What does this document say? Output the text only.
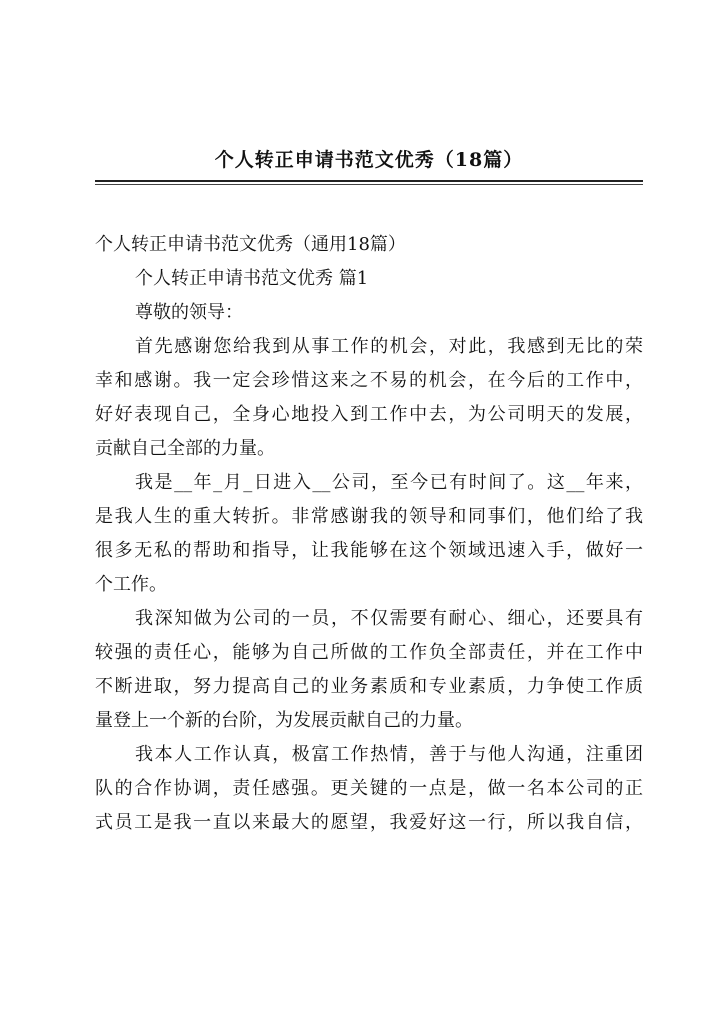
个人转正申请书范文优秀（18篇）
个人转正申请书范文优秀（通用18篇）
个人转正申请书范文优秀 篇1
尊敬的领导：
首先感谢您给我到从事工作的机会，对此，我感到无比的荣
幸和感谢。我一定会珍惜这来之不易的机会，在今后的工作中，
好好表现自己，全身心地投入到工作中去，为公司明天的发展，
贡献自己全部的力量。
我是__年_月_日进入__公司，至今已有时间了。这__年来，
是我人生的重大转折。非常感谢我的领导和同事们，他们给了我
很多无私的帮助和指导，让我能够在这个领域迅速入手，做好一
个工作。
我深知做为公司的一员，不仅需要有耐心、细心，还要具有
较强的责任心，能够为自己所做的工作负全部责任，并在工作中
不断进取，努力提高自己的业务素质和专业素质，力争使工作质
量登上一个新的台阶，为发展贡献自己的力量。
我本人工作认真，极富工作热情，善于与他人沟通，注重团
队的合作协调，责任感强。更关键的一点是，做一名本公司的正
式员工是我一直以来最大的愿望，我爱好这一行，所以我自信，
